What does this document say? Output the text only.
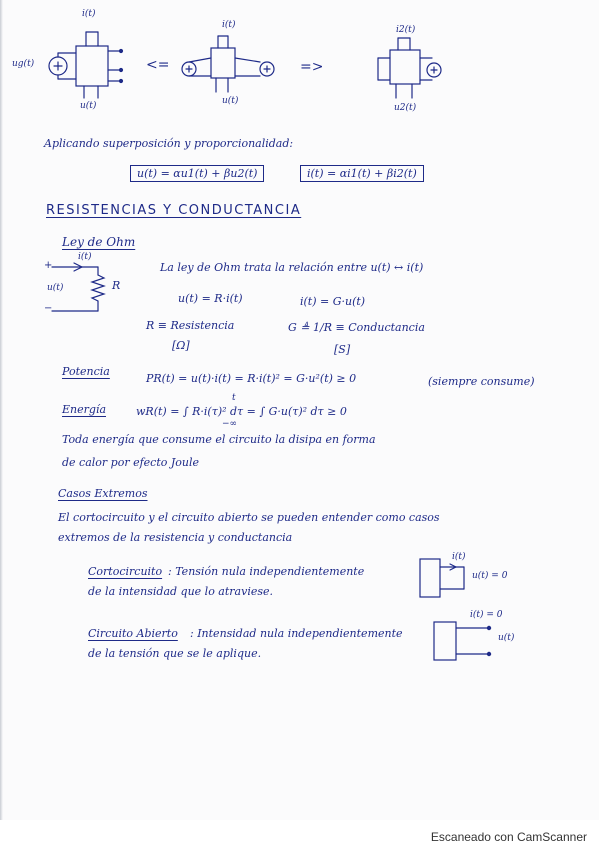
i(t)
ug(t)
u(t)
<=
i(t)
u(t)
=>
i2(t)
u2(t)
Aplicando superposición y proporcionalidad:
u(t) = αu1(t) + βu2(t)	i(t) = αi1(t) + βi2(t)
RESISTENCIAS Y CONDUCTANCIA
Ley de Ohm
i(t)
u(t)	R
+
−
La ley de Ohm trata la relación entre u(t) ↔ i(t)
u(t) = R·i(t)	i(t) = G·u(t)
R ≡ Resistencia
[Ω]
G ≜ 1/R ≡ Conductancia
[S]
Potencia
PR(t) = u(t)·i(t) = R·i(t)² = G·u²(t) ≥ 0	(siempre consume)
Energía	wR(t) = ∫ R·i(τ)² dτ = ∫ G·u(τ)² dτ ≥ 0
t
−∞
Toda energía que consume el circuito la disipa en forma
de calor por efecto Joule
Casos Extremos
El cortocircuito y el circuito abierto se pueden entender como casos
extremos de la resistencia y conductancia
Cortocircuito : Tensión nula independientemente
de la intensidad que lo atraviese.
i(t)
u(t) = 0
Circuito Abierto : Intensidad nula independientemente
de la tensión que se le aplique.
i(t) = 0
u(t)
Escaneado con CamScanner
